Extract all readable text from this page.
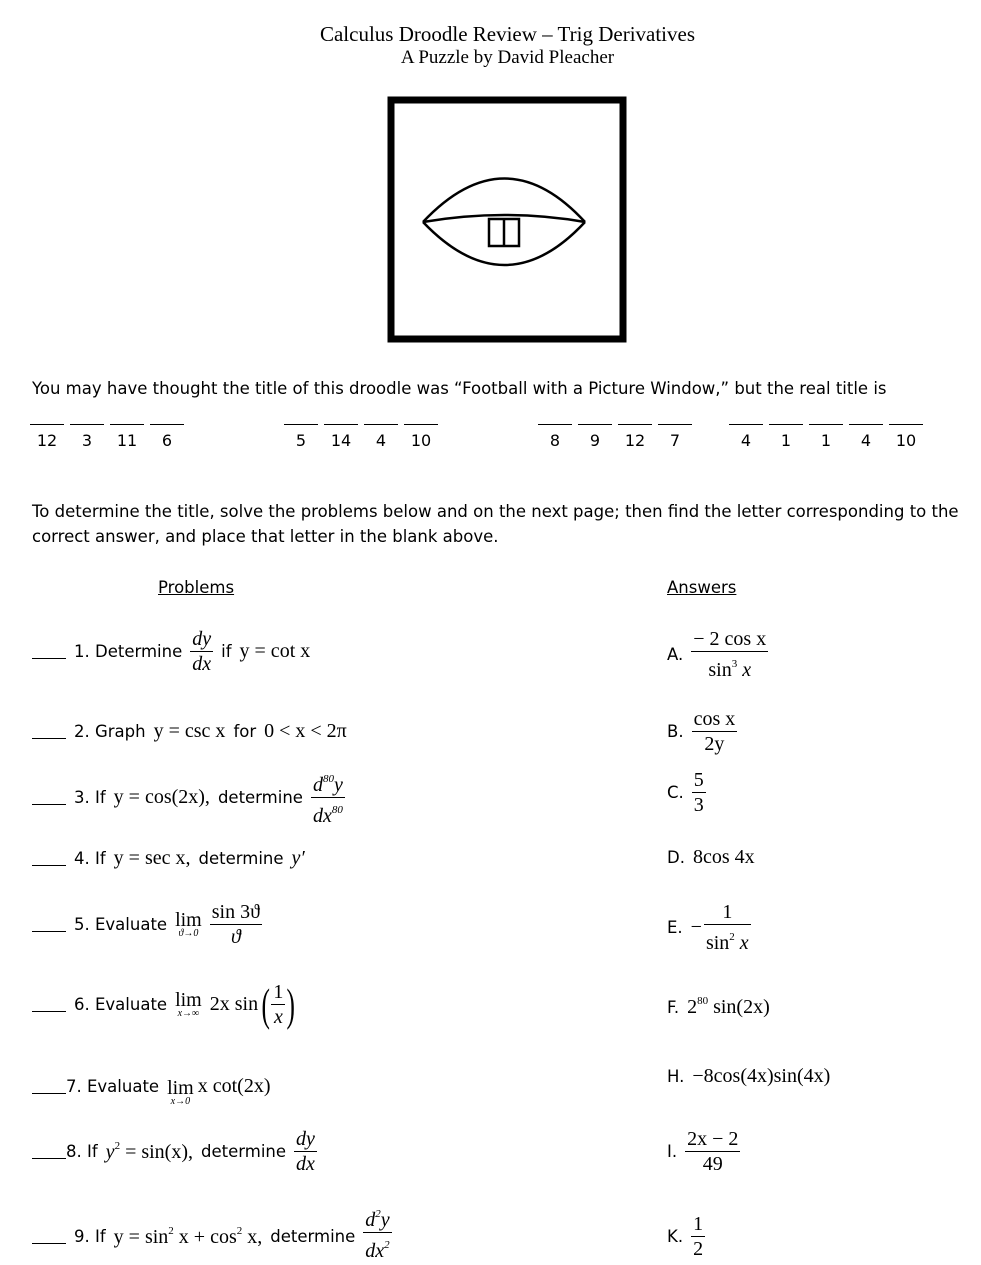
Calculus Droodle Review – Trig Derivatives
A Puzzle by David Pleacher
You may have thought the title of this droodle was “Football with a Picture Window,” but the real title is
12	3	11	6	5	14	4	10	8	9	12	7	4	1	1	4	10
To determine the title, solve the problems below and on the next page; then find the letter corresponding to the correct answer, and place that letter in the blank above.
Problems	Answers
1. Determine $\frac{dy}{dx}$ if y = cot x
2. Graph y = csc x for 0 < x < 2π
3. If y = cos(2x), determine $\frac{d^{80}y}{dx^{80}}$
4. If y = sec x, determine y′
5. Evaluate lim
$ϑ\to 0 \frac{\sin 3ϑ}{ϑ}$
6. Evaluate lim
x→∞ 2x sin ( $\frac{1}{x}$ )
7. Evaluate lim
x→0
x cot(2x)
8. If $y^2 = \sin(x)$, determine $\frac{dy}{dx}$
9. If $y = \sin^2 x + \cos^2 x$, determine $\frac{d^2y}{dx^2}$
A. $\frac{\text{− 2 cos x}}{\sin^3 x}$
B. $\frac{\text{cos x}}{2y}$
C. $\frac{5}{3}$
D. 8cos 4x
E. − $\frac{1}{\sin^2 x}$
F. $2^{80}$ sin(2x)
H. −8cos(4x)sin(4x)
I. $\frac{2x - 2}{49}$
K. $\frac{1}{2}$
